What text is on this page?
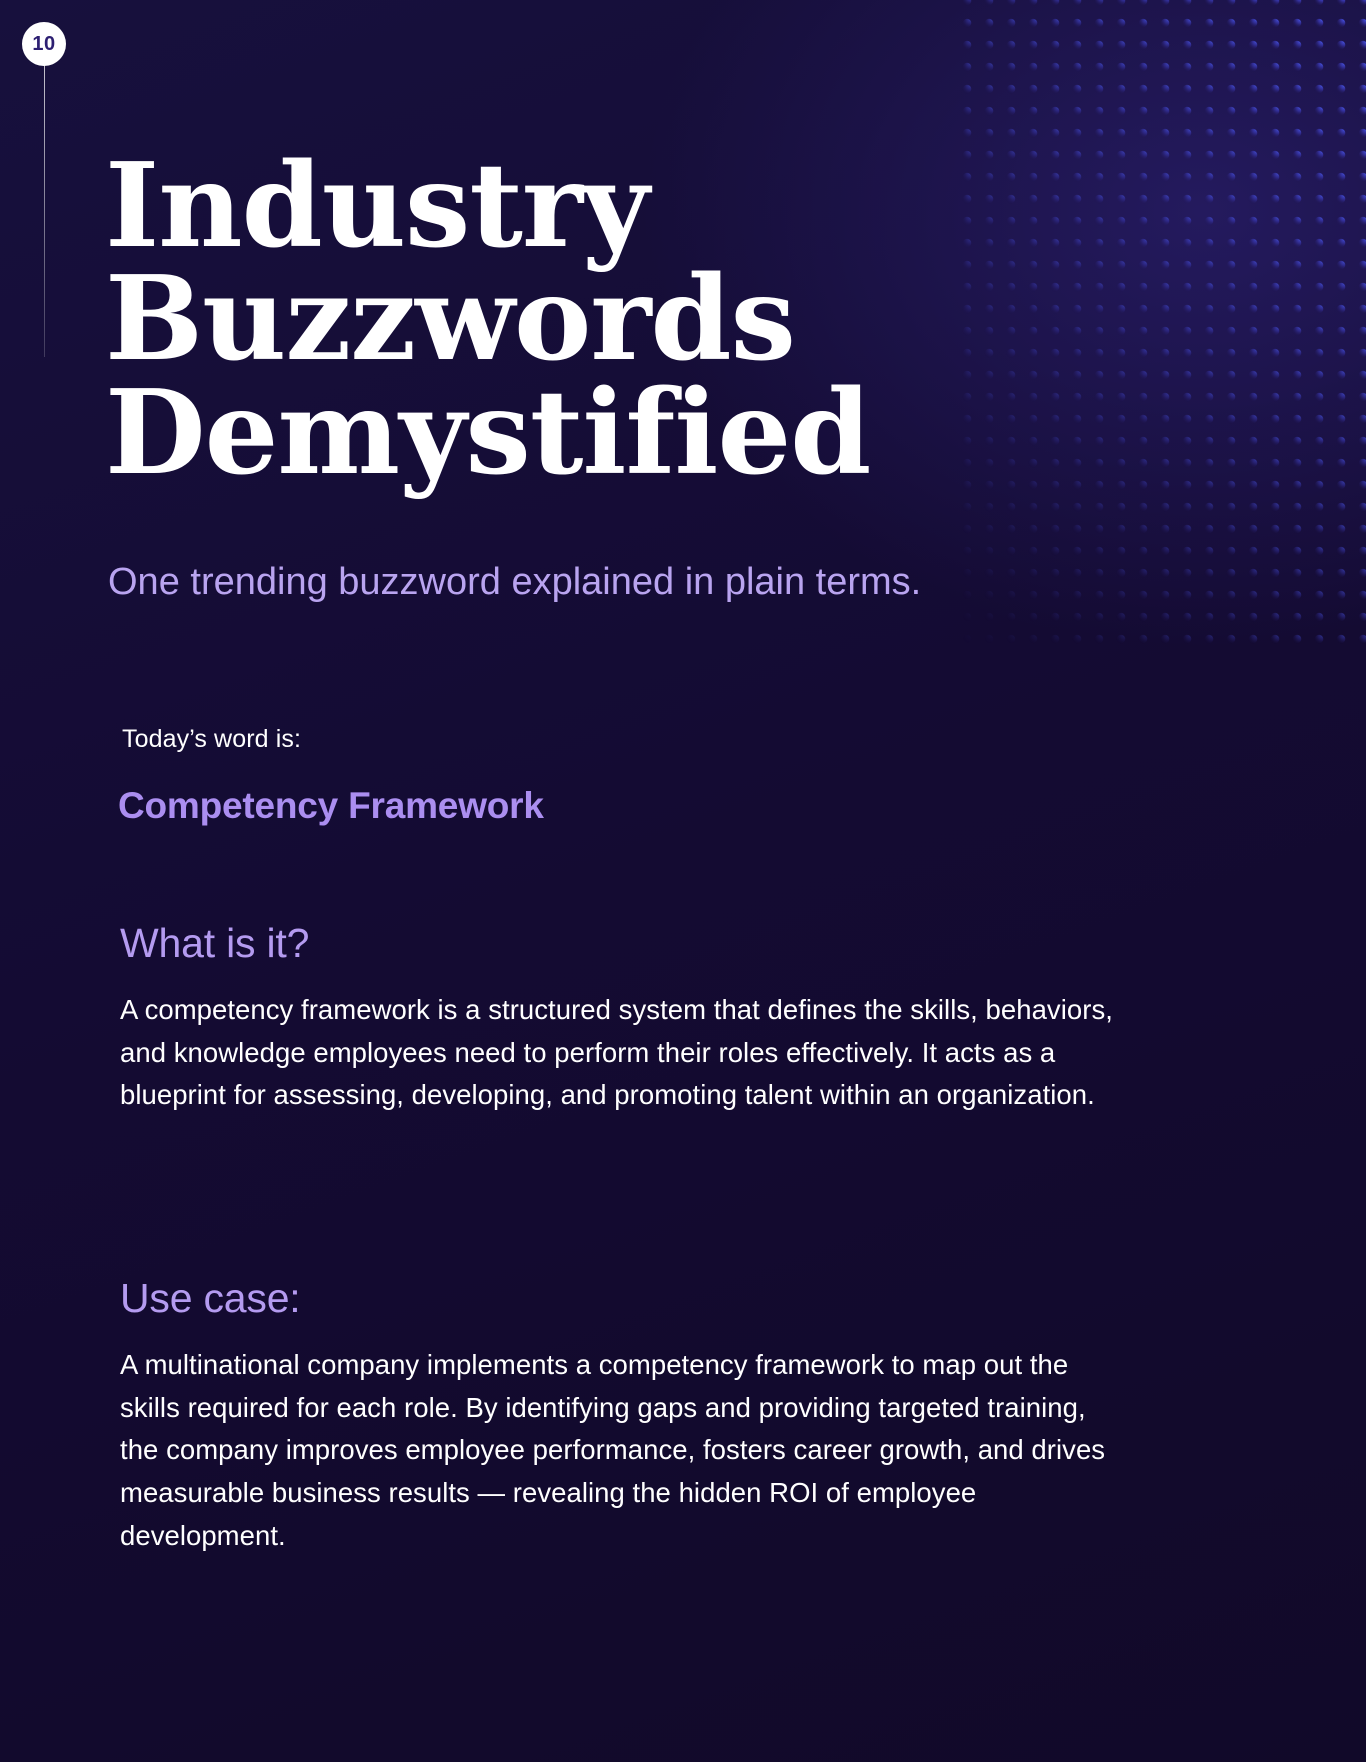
10
Industry
Buzzwords
Demystified
One trending buzzword explained in plain terms.
Today’s word is:
Competency Framework
What is it?

A competency framework is a structured system that defines the skills, behaviors, and knowledge employees need to perform their roles effectively. It acts as a blueprint for assessing, developing, and promoting talent within an organization.

Use case:

A multinational company implements a competency framework to map out the skills required for each role. By identifying gaps and providing targeted training, the company improves employee performance, fosters career growth, and drives measurable business results — revealing the hidden ROI of employee development.
